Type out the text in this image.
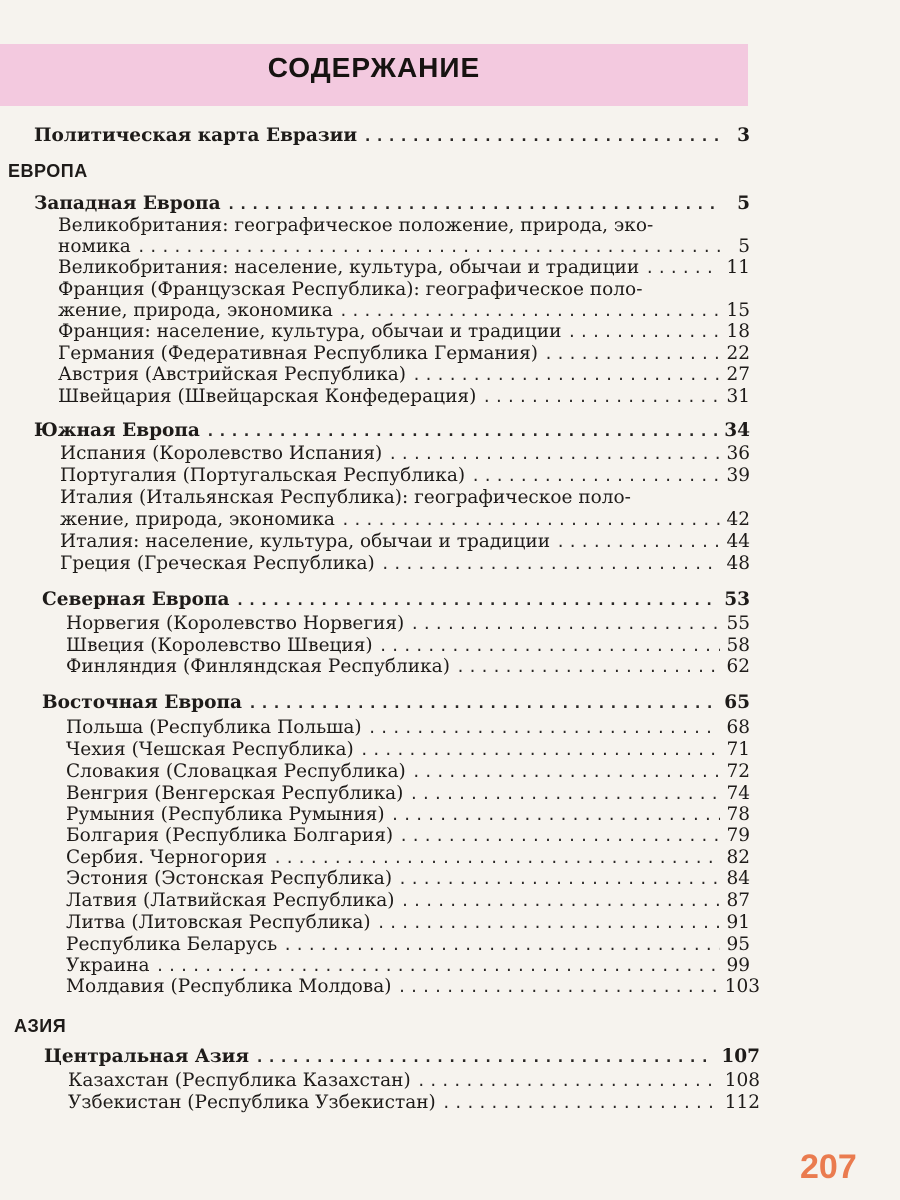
СОДЕРЖАНИЕ
Политическая карта Евразии .....	3
ЕВРОПА
Западная Европа .....	5
Великобритания: географическое положение, природа, эко-
номика .....	5
Великобритания: население, культура, обычаи и традиции .....	11
Франция (Французская Республика): географическое поло-
жение, природа, экономика .....	15
Франция: население, культура, обычаи и традиции .....	18
Германия (Федеративная Республика Германия) .....	22
Австрия (Австрийская Республика) .....	27
Швейцария (Швейцарская Конфедерация) .....	31
Южная Европа .....	34
Испания (Королевство Испания) .....	36
Португалия (Португальская Республика) .....	39
Италия (Итальянская Республика): географическое поло-
жение, природа, экономика .....	42
Италия: население, культура, обычаи и традиции .....	44
Греция (Греческая Республика) .....	48
Северная Европа .....	53
Норвегия (Королевство Норвегия) .....	55
Швеция (Королевство Швеция) .....	58
Финляндия (Финляндская Республика) .....	62
Восточная Европа .....	65
Польша (Республика Польша) .....	68
Чехия (Чешская Республика) .....	71
Словакия (Словацкая Республика) .....	72
Венгрия (Венгерская Республика) .....	74
Румыния (Республика Румыния) .....	78
Болгария (Республика Болгария) .....	79
Сербия. Черногория .....	82
Эстония (Эстонская Республика) .....	84
Латвия (Латвийская Республика) .....	87
Литва (Литовская Республика) .....	91
Республика Беларусь .....	95
Украина .....	99
Молдавия (Республика Молдова) .....	103
АЗИЯ
Центральная Азия .....	107
Казахстан (Республика Казахстан) .....	108
Узбекистан (Республика Узбекистан) .....	112
207
